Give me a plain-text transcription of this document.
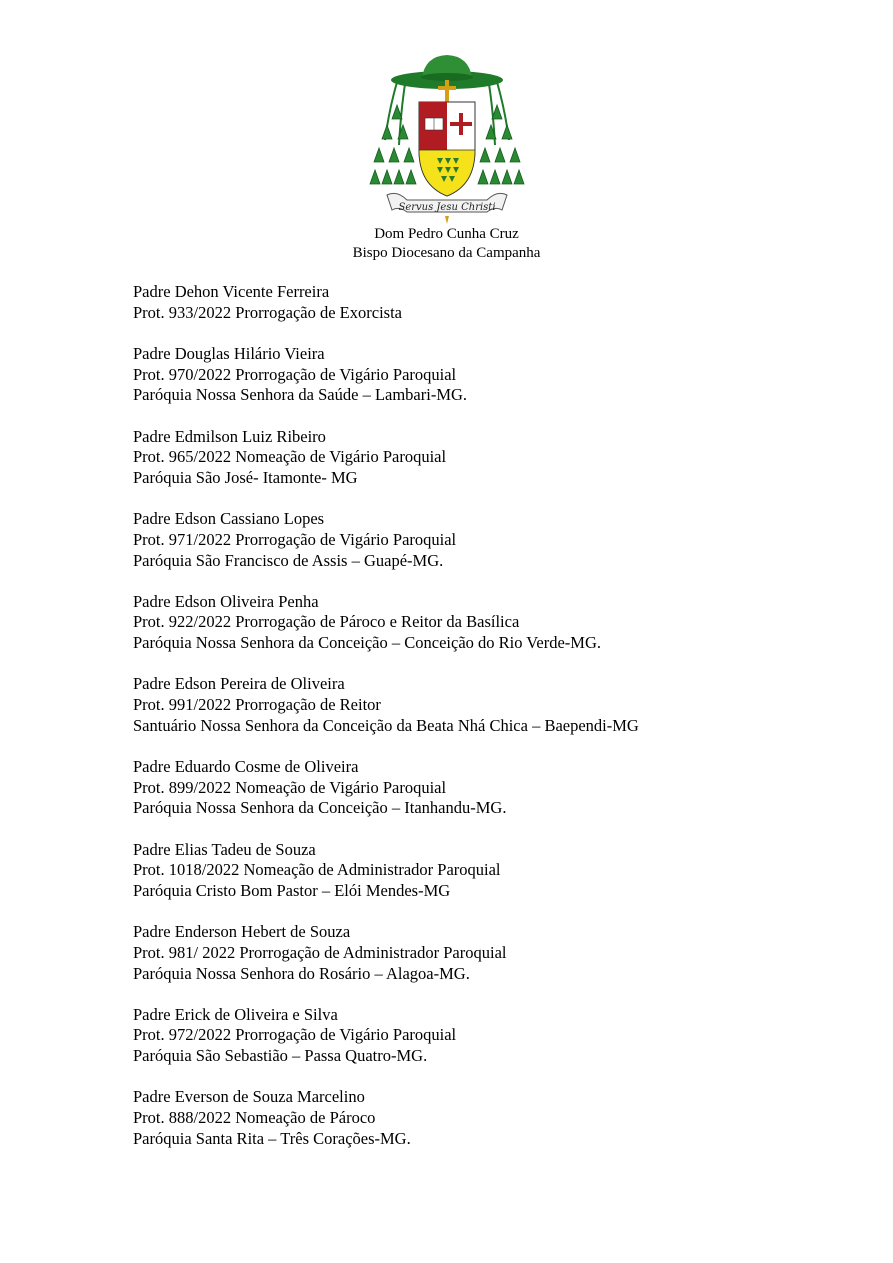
Servus Jesu Christi
Dom Pedro Cunha Cruz
Bispo Diocesano da Campanha
Padre Dehon Vicente Ferreira
Prot. 933/2022 Prorrogação de Exorcista
Padre Douglas Hilário Vieira
Prot. 970/2022 Prorrogação de Vigário Paroquial
Paróquia Nossa Senhora da Saúde – Lambari-MG.
Padre Edmilson Luiz Ribeiro
Prot. 965/2022 Nomeação de Vigário Paroquial
Paróquia São José- Itamonte- MG
Padre Edson Cassiano Lopes
Prot. 971/2022 Prorrogação de Vigário Paroquial
Paróquia São Francisco de Assis – Guapé-MG.
Padre Edson Oliveira Penha
Prot. 922/2022 Prorrogação de Pároco e Reitor da Basílica
Paróquia Nossa Senhora da Conceição – Conceição do Rio Verde-MG.
Padre Edson Pereira de Oliveira
Prot. 991/2022 Prorrogação de Reitor
Santuário Nossa Senhora da Conceição da Beata Nhá Chica – Baependi-MG
Padre Eduardo Cosme de Oliveira
Prot. 899/2022 Nomeação de Vigário Paroquial
Paróquia Nossa Senhora da Conceição – Itanhandu-MG.
Padre Elias Tadeu de Souza
Prot. 1018/2022 Nomeação de Administrador Paroquial
Paróquia Cristo Bom Pastor – Elói Mendes-MG
Padre Enderson Hebert de Souza
Prot. 981/ 2022 Prorrogação de Administrador Paroquial
Paróquia Nossa Senhora do Rosário – Alagoa-MG.
Padre Erick de Oliveira e Silva
Prot. 972/2022 Prorrogação de Vigário Paroquial
Paróquia São Sebastião – Passa Quatro-MG.
Padre Everson de Souza Marcelino
Prot. 888/2022 Nomeação de Pároco
Paróquia Santa Rita – Três Corações-MG.
